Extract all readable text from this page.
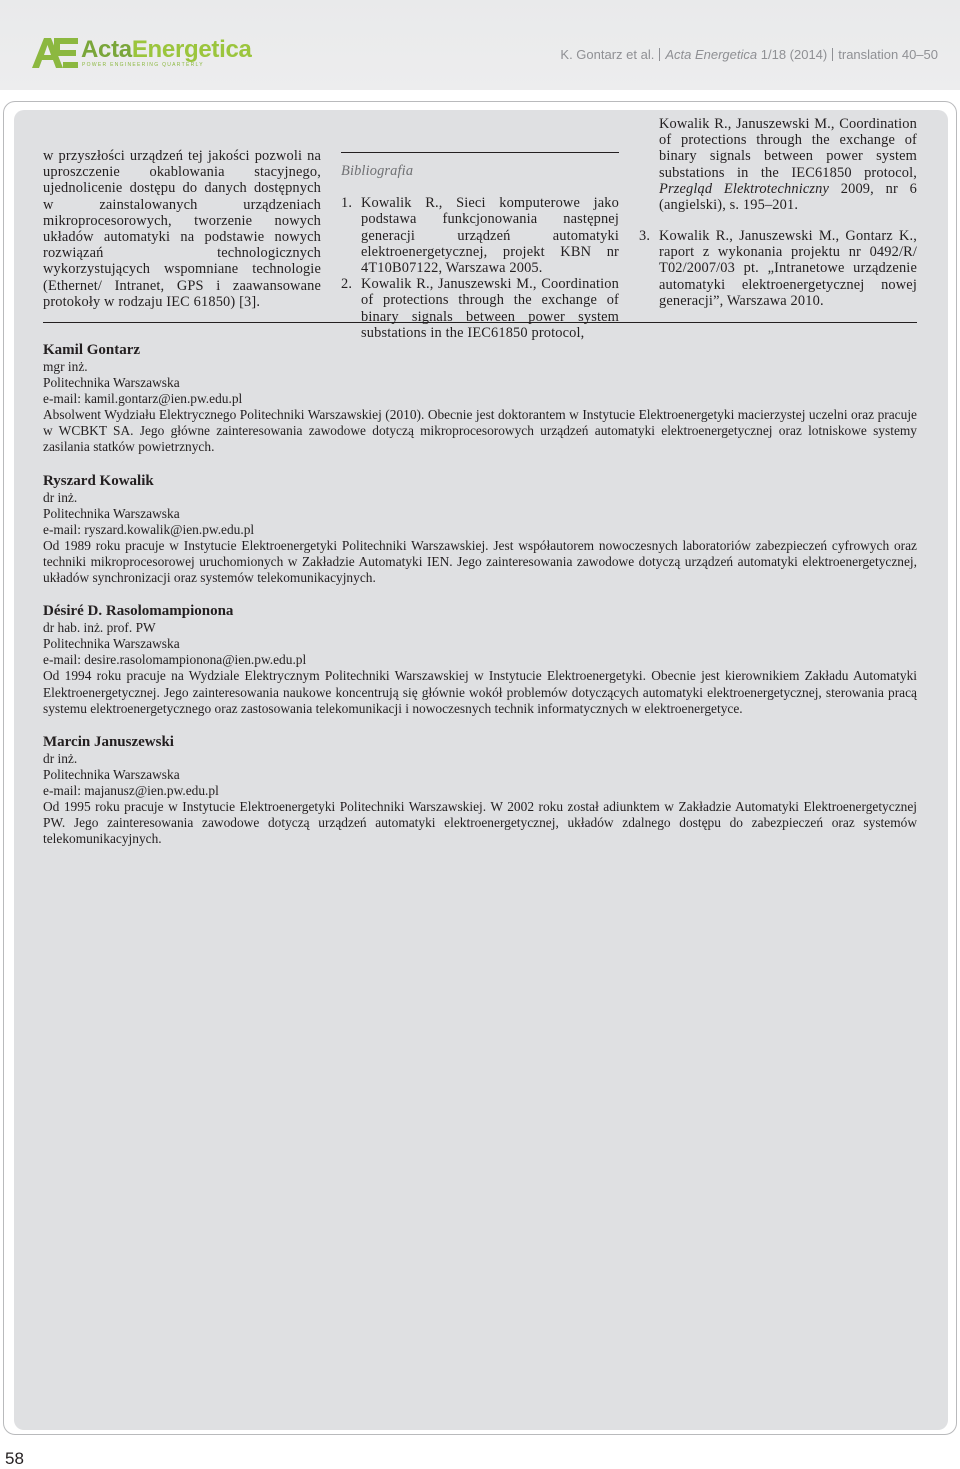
ActaEnergetica
POWER ENGINEERING QUARTERLY
K. Gontarz et al. Acta Energetica 1/18 (2014) translation 40–50

w przyszłości urządzeń tej jakości pozwoli na uproszczenie okablowania stacyjnego, ujednolicenie dostępu do danych dostępnych w zainstalowanych urządzeniach mikroprocesorowych, tworzenie nowych układów automatyki na podstawie nowych rozwiązań technologicznych wykorzystujących wspomniane technologie (Ethernet/ Intranet, GPS i zaawansowane protokoły w rodzaju IEC 61850) [3].

Bibliografia

1. Kowalik R., Sieci komputerowe jako podstawa funkcjonowania następnej generacji urządzeń automatyki elektroenergetycznej, projekt KBN nr 4T10B07122, Warszawa 2005.
2. Kowalik R., Januszewski M., Coordination of protections through the exchange of binary signals between power system substations in the IEC61850 protocol,
Kowalik R., Januszewski M., Coordination of protections through the exchange of binary signals between power system substations in the IEC61850 protocol, Przegląd Elektrotechniczny 2009, nr 6 (angielski), s. 195–201.
3. Kowalik R., Januszewski M., Gontarz K., raport z wykonania projektu nr 0492/R/ T02/2007/03 pt. „Intranetowe urządzenie automatyki elektroenergetycznej nowej generacji”, Warszawa 2010.

Kamil Gontarz

mgr inż.

Politechnika Warszawska

e-mail: kamil.gontarz@ien.pw.edu.pl

Absolwent Wydziału Elektrycznego Politechniki Warszawskiej (2010). Obecnie jest doktorantem w Instytucie Elektroenergetyki macierzystej uczelni oraz pracuje w WCBKT SA. Jego główne zainteresowania zawodowe dotyczą mikroprocesorowych urządzeń automatyki elektroenergetycznej oraz lotniskowe systemy zasilania statków powietrznych.

Ryszard Kowalik

dr inż.

Politechnika Warszawska

e-mail: ryszard.kowalik@ien.pw.edu.pl

Od 1989 roku pracuje w Instytucie Elektroenergetyki Politechniki Warszawskiej. Jest współautorem nowoczesnych laboratoriów zabezpieczeń cyfrowych oraz techniki mikroprocesorowej uruchomionych w Zakładzie Automatyki IEN. Jego zainteresowania zawodowe dotyczą urządzeń automatyki elektroenergetycznej, układów synchronizacji oraz systemów telekomunikacyjnych.

Désiré D. Rasolomampionona

dr hab. inż. prof. PW

Politechnika Warszawska

e-mail: desire.rasolomampionona@ien.pw.edu.pl

Od 1994 roku pracuje na Wydziale Elektrycznym Politechniki Warszawskiej w Instytucie Elektroenergetyki. Obecnie jest kierownikiem Zakładu Automatyki Elektroenergetycznej. Jego zainteresowania naukowe koncentrują się głównie wokół problemów dotyczących automatyki elektroenergetycznej, sterowania pracą systemu elektroenergetycznego oraz zastosowania telekomunikacji i nowoczesnych technik informatycznych w elektroenergetyce.

Marcin Januszewski

dr inż.

Politechnika Warszawska

e-mail: majanusz@ien.pw.edu.pl

Od 1995 roku pracuje w Instytucie Elektroenergetyki Politechniki Warszawskiej. W 2002 roku został adiunktem w Zakładzie Automatyki Elektroenergetycznej PW. Jego zainteresowania zawodowe dotyczą urządzeń automatyki elektroenergetycznej, układów zdalnego dostępu do zabezpieczeń oraz systemów telekomunikacyjnych.

58
